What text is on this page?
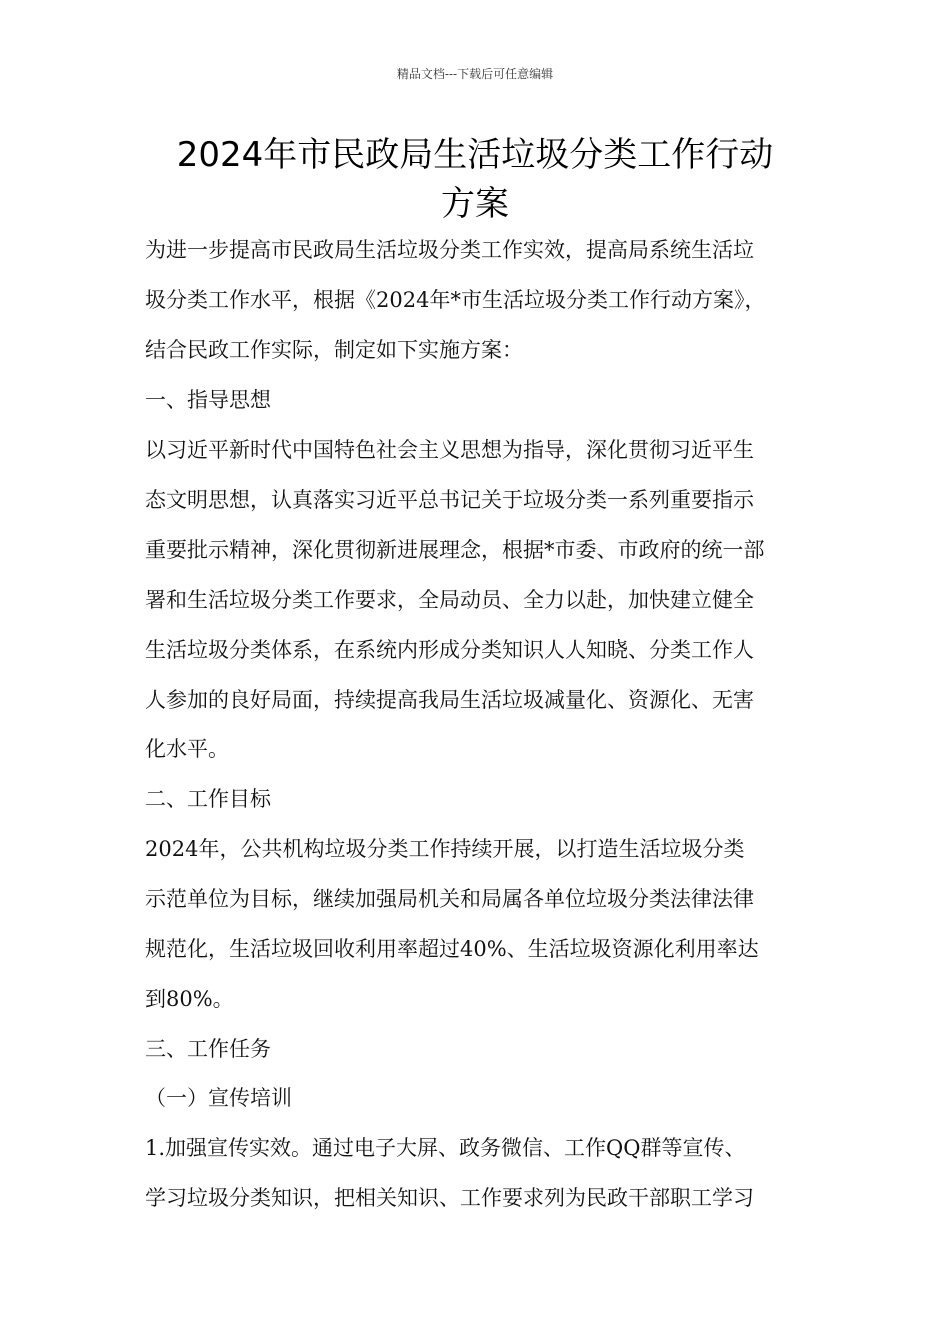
精品文档---下载后可任意编辑
2024年市民政局生活垃圾分类工作行动
方案
为进一步提高市民政局生活垃圾分类工作实效，提高局系统生活垃
圾分类工作水平，根据《2024年*市生活垃圾分类工作行动方案》，
结合民政工作实际，制定如下实施方案：
一、指导思想
以习近平新时代中国特色社会主义思想为指导，深化贯彻习近平生
态文明思想，认真落实习近平总书记关于垃圾分类一系列重要指示
重要批示精神，深化贯彻新进展理念，根据*市委、市政府的统一部
署和生活垃圾分类工作要求，全局动员、全力以赴，加快建立健全
生活垃圾分类体系，在系统内形成分类知识人人知晓、分类工作人
人参加的良好局面，持续提高我局生活垃圾减量化、资源化、无害
化水平。
二、工作目标
2024年，公共机构垃圾分类工作持续开展，以打造生活垃圾分类
示范单位为目标，继续加强局机关和局属各单位垃圾分类法律法律
规范化，生活垃圾回收利用率超过40%、生活垃圾资源化利用率达
到80%。
三、工作任务
（一）宣传培训
1.加强宣传实效。通过电子大屏、政务微信、工作QQ群等宣传、
学习垃圾分类知识，把相关知识、工作要求列为民政干部职工学习
